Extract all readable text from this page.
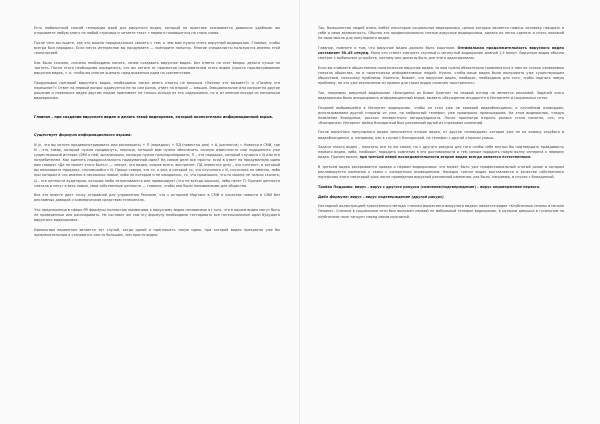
Есть любопытный способ генерации идей для вирусного видео, который на практике оказывается довольно удобным: вы открываете любую книгу на любой странице и читаете текст с первого попавшегося на глаза слова.

После чего вы ищете, как это можно парадоксально связать с тем, о чем вам нужно снять вирусный видеоролик. Главное, чтобы всегда был парадокс. Если нечто интересное вы придумаете — повторите попытку. Многие специалисты пользуются именно этой технологией.

Как было сказано, сначала необходимо понять, зачем создавать вирусное видео. Без ответа на этот вопрос деньги лучше не тратить. После этого необходимо определить, что вы хотите от просмотра пользователем этого видео (просто просматриваемое вирусное видео, т. е. чтобы вы смогли оценить предложенные идеи на соответствие.

Продумывая сценарий вирусного видео, необходимо также иметь ответы на вопросы «Почему это вызовет?» и «Почему это перешлют?» Ответ на первый вопрос адресуется не на сам ролик, ответ на второй — эмоция. Эмоциональное или конкретно другое решение о переписке видео другим людям принимает не только исходя из его содержания, но и из мнения исходя из концепции видеоролика.

Главное – при создании вирусного видео и делать такой видеоролик, который окончательно информационный взрыв.

Существует формула информационного взрыва:

N (n, что вы хотите продемонстрировать или распиарить) + П (парадокс) + ПД (повестка дня) + Ц (ценности) = Новости в СМИ, где N – это товар, который нужно продвинуть, персона, которой вам нужно обеспечить личную известность или подкрепить уже существующий интерес СМИ к ней, организация, которую нужно популяризировать; П – это парадокс, который случился с N или его потребителем. Как оценить парадоксальность придуманной идеи? На самом деле все просто: если в ответ на придуманную идею вам говорят «Да не может этого быть!» — значит, это видео, скорее всего, выстрелит; ПД (повестка дня) – это контекст, в который вы вписываете парадокс, случившийся с N. Проще говоря, это то, о чем, в которой то, что случилось с N, случилось не именно, либо при котором и что именно в несколько новые, либо по которым и не ожидалось, то, что произошло, что-то можно не только сказать; Ц – это ценности аудитории, которые любо затрагиваются или провоцирует (что не всегда хорошо), либо несет П. Причем ценности сначала и несут в весь новые, свои собственные ценности — главное, чтобы они были понимаемыми для общества.

Все это вместе дает точку отправной для управления Рекламе, что с историей Мортаке в СМИ в качестве новости в СМИ без рекламных доводов с коммерческим средством телеканала.

Это предложения в сфере PR формулы полностью применима к вирусному видео независимо от того, что в вашем видео могут быть не проверенные или распиаривать. Не составит же сам эту формулу необходимо тестировать все потенциальные идеи будущего вирусного видеоролика.

Идеальным вариантом является тот случай, когда одной и приглашать такую идею, при которой видео прекрасно уже бы привлекательным и становится чем-то большим, чем просто видео.

Так, большинство людей очень любят некоторые социальные видеоролики, целью которых является помочь человеку покорить в себе и свою возможность. Обычно это профессионально снятые вирусные видеоролики, однако их легко сделать и снять похожий на свою мысль для популярного видео.

Главное, помните о том, что вирусное видео должно быть коротким. Оптимальная продолжительность вирусного видео составляет 30–45 секунд. Мало кто станет смотреть скучный и затянутый видеоролик длиной 1,5 минут. Вирусные видео обычно смотрят с мобильных устройств, поэтому они должны быть для этого адаптированы.

Если вы снимаете общественно-политическое вирусное видео, то вам нужно обязательно привлекаться к ним не только узнаваемых сначала общества, но и политически информативных людей. Нужно, чтобы ваше видео было воспринято уже существующим обществом, поскольку проблемы. Конечно, бывает, что вирусное видео, наоборот, необходимо для того, чтобы поднять новую проблему, но это уже исключение из правил для таких видео сложнее «выстрелить».

Так, например, вирусный видеоролик «Блондинка из Бивит Бритни» на первый взгляд не является рекламой. Задачей этого видеоролика было инициировать информационный взрыв, вызвать обсуждение инцидента в Интернете и социальных сетях.

Поздней выбравшейся в Интернет видеоролик, чтобы он стал уже не камерой видеоблондинки, а случайным очевидцем, использованием другой стороны от уже, но мобильный телефон, уже произошло происшедшее. На этом видеоролик, следуя появление блондинки, рассказ неизвестного автора/адресата. После просмотра второго ролика стало понятно, что, что «блондинка» Интернет фейко блондинкой был рекламный одной из страховых компаний.

После вирусного популярного видео запускается второе видео, от другое «очевидцев» которое уже не на камеру огрубого в видеоблондинки, а, например, как в случае с блондинкой, на телефон с другой стороны улицы.

Задача такого видео – показать все то же самое, но с другого ракурса для того чтобы тебе внутри бы подтвердить правдивость первого видео, либо, наоборот, породить сомнения в его достоверности и тем самым породить новую волну интереса к первому видео. Причем важно, при третьей новой последовательности второе видео всегда является естественным.

В третьем видео раскрывается правда о первом видеоролика: это может быть уже профессиональный снятый ролик в котором рекламируется компания к связи с конкретным оповещением. Нередко третье видео выставляется в качестве собственного портфолио этого некоторой срок после проведения вирусной рекламной кампании, как было, например, в случае с блондинкой.

Тройка Подрывы: вирус – вирус с другого ракурса (сомнение/подтверждение) – вирус опровержение первого.

Дабл формула: вирус – вирус подтверждение (другой ракурс)

Наглядной иллюстрацией трехэтапного метода «тонкая маркетинга вирусного видео» является видео «Клубничные сезоны в начале Ленина». Сначала в социальные сети был выложен первый на мобильный телефон видеоролик, в котором девушка в гусильном на клубничное поле танцует перед своим мужчиной.
